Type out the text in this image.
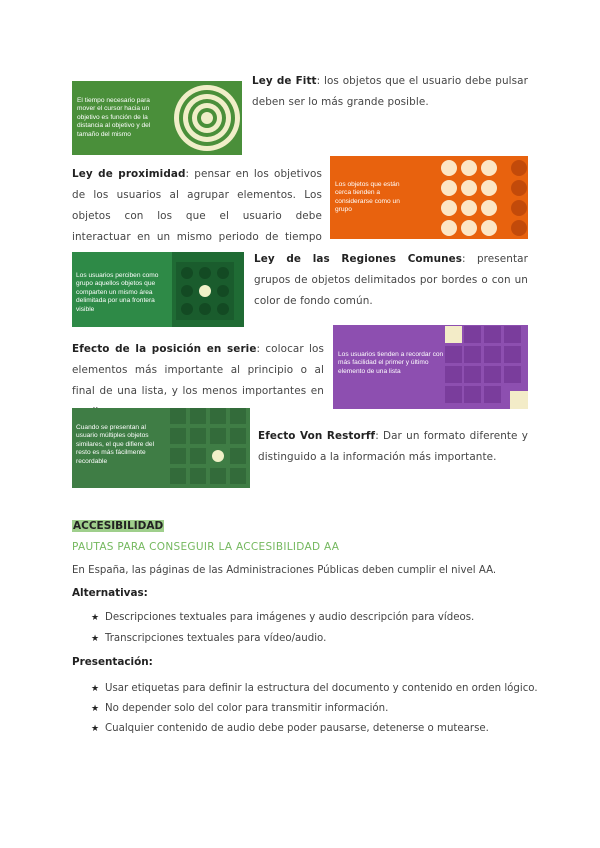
El tiempo necesario para mover el cursor hacia un objetivo es función de la distancia al objetivo y del tamaño del mismo
Ley de Fitt: los objetos que el usuario debe pulsar deben ser lo más grande posible.
Ley de proximidad: pensar en los objetivos de los usuarios al agrupar elementos. Los objetos con los que el usuario debe interactuar en un mismo periodo de tiempo
Los objetos que están cerca tienden a considerarse como un grupo
Los usuarios perciben como grupo aquellos objetos que comparten un mismo área delimitada por una frontera visible
Ley de las Regiones Comunes: presentar grupos de objetos delimitados por bordes o con un color de fondo común.
Efecto de la posición en serie: colocar los elementos más importante al principio o al final de una lista, y los menos importantes en
Los usuarios tienden a recordar con más facilidad el primer y último elemento de una lista
Cuando se presentan al usuario múltiples objetos similares, el que difiere del resto es más fácilmente recordable
Efecto Von Restorff: Dar un formato diferente y distinguido a la información más importante.
ACCESIBILIDAD
PAUTAS PARA CONSEGUIR LA ACCESIBILIDAD AA
En España, las páginas de las Administraciones Públicas deben cumplir el nivel AA.
Alternativas:
★ Descripciones textuales para imágenes y audio descripción para vídeos.
★ Transcripciones textuales para vídeo/audio.
Presentación:
★ Usar etiquetas para definir la estructura del documento y contenido en orden lógico.
★ No depender solo del color para transmitir información.
★ Cualquier contenido de audio debe poder pausarse, detenerse o mutearse.
